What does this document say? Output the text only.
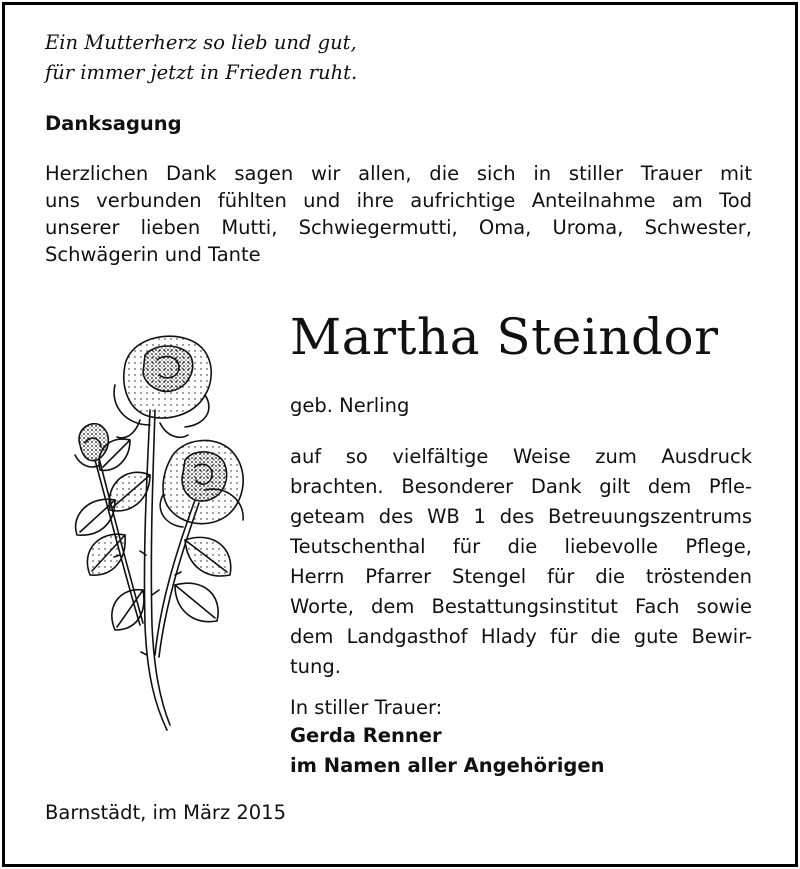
Ein Mutterherz so lieb und gut,
für immer jetzt in Frieden ruht.
Danksagung
Herzlichen Dank sagen wir allen, die sich in stiller Trauer mit
uns verbunden fühlten und ihre aufrichtige Anteilnahme am Tod
unserer lieben Mutti, Schwiegermutti, Oma, Uroma, Schwester,
Schwägerin und Tante
Martha Steindor
geb. Nerling
auf so vielfältige Weise zum Ausdruck
brachten. Besonderer Dank gilt dem Pfle-
geteam des WB 1 des Betreuungszentrums
Teutschenthal für die liebevolle Pflege,
Herrn Pfarrer Stengel für die tröstenden
Worte, dem Bestattungsinstitut Fach sowie
dem Landgasthof Hlady für die gute Bewir-
tung.
In stiller Trauer:
Gerda Renner
im Namen aller Angehörigen
Barnstädt, im März 2015
